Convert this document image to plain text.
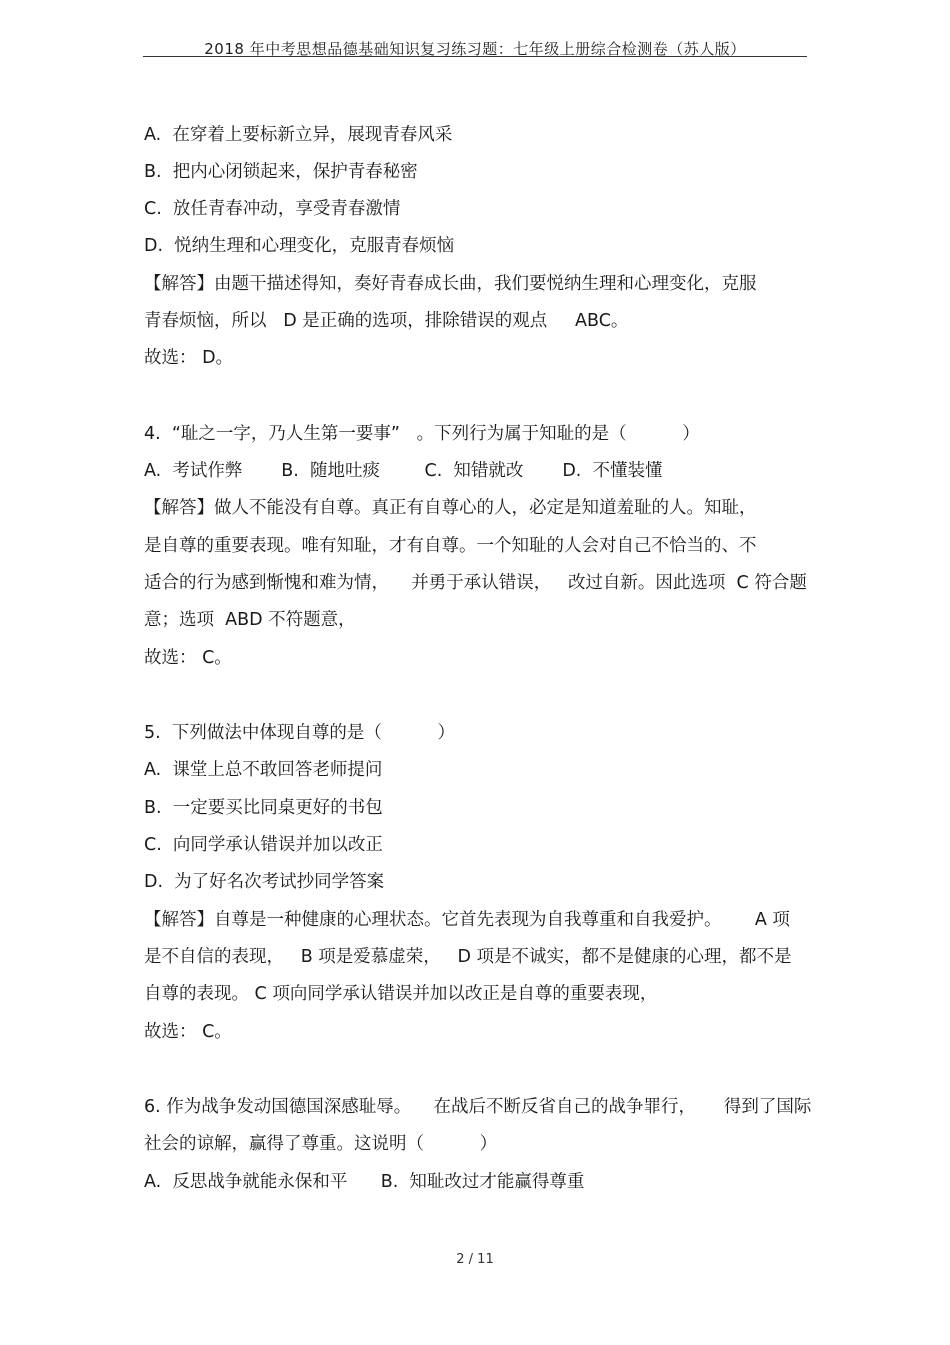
2018 年中考思想品德基础知识复习练习题：七年级上册综合检测卷（苏人版）
A.  在穿着上要标新立异，展现青春风采
B.  把内心闭锁起来，保护青春秘密
C.  放任青春冲动，享受青春激情
D.  悦纳生理和心理变化，克服青春烦恼
【解答】由题干描述得知，奏好青春成长曲，我们要悦纳生理和心理变化，克服
青春烦恼，所以   D 是正确的选项，排除错误的观点     ABC。
故选： D。
4.  “耻之一字，乃人生第一要事”   。下列行为属于知耻的是（          ）
A.  考试作弊       B.  随地吐痰        C.  知错就改       D.  不懂装懂
【解答】做人不能没有自尊。真正有自尊心的人，必定是知道羞耻的人。知耻，
是自尊的重要表现。唯有知耻，才有自尊。一个知耻的人会对自己不恰当的、不
适合的行为感到惭愧和难为情，    并勇于承认错误，   改过自新。因此选项  C 符合题
意；选项  ABD 不符题意，
故选： C。
5.  下列做法中体现自尊的是（          ）
A.  课堂上总不敢回答老师提问
B.  一定要买比同桌更好的书包
C.  向同学承认错误并加以改正
D.  为了好名次考试抄同学答案
【解答】自尊是一种健康的心理状态。它首先表现为自我尊重和自我爱护。      A 项
是不自信的表现，   B 项是爱慕虚荣，   D 项是不诚实，都不是健康的心理，都不是
自尊的表现。 C 项向同学承认错误并加以改正是自尊的重要表现，
故选： C。
6. 作为战争发动国德国深感耻辱。    在战后不断反省自己的战争罪行，     得到了国际
社会的谅解，赢得了尊重。这说明（          ）
A.  反思战争就能永保和平      B.  知耻改过才能赢得尊重
2 / 11
